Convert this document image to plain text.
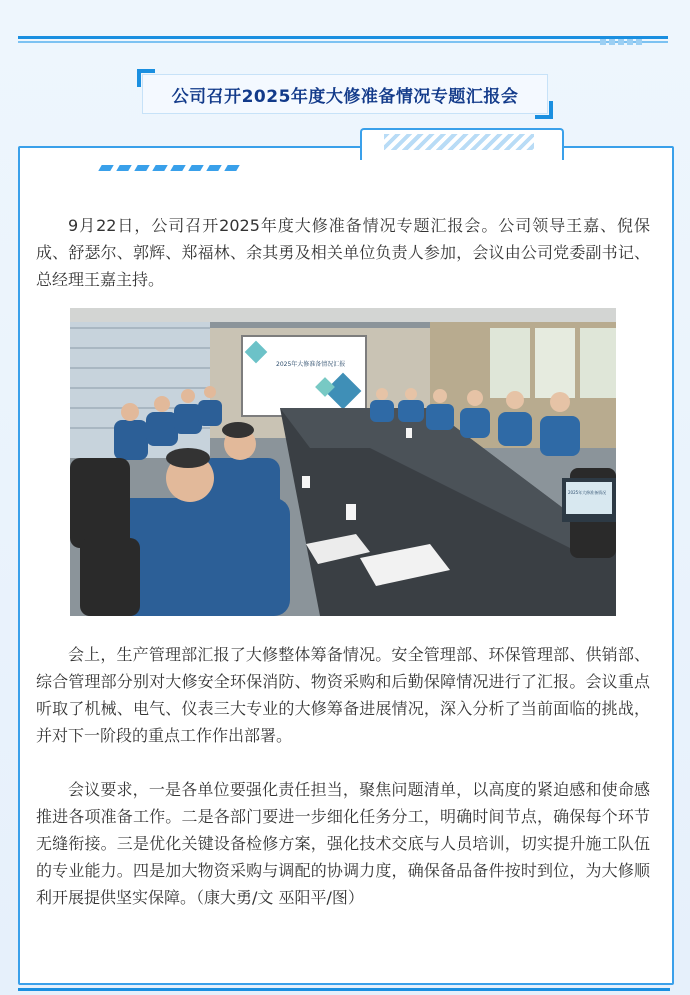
公司召开2025年度大修准备情况专题汇报会

9月22日，公司召开2025年度大修准备情况专题汇报会。公司领导王嘉、倪保成、舒瑟尔、郭辉、郑福林、余其勇及相关单位负责人参加，会议由公司党委副书记、总经理王嘉主持。

2025年大修准备情况汇报
2025年大修准备情况

会上，生产管理部汇报了大修整体筹备情况。安全管理部、环保管理部、供销部、综合管理部分别对大修安全环保消防、物资采购和后勤保障情况进行了汇报。会议重点听取了机械、电气、仪表三大专业的大修筹备进展情况，深入分析了当前面临的挑战，并对下一阶段的重点工作作出部署。

会议要求，一是各单位要强化责任担当，聚焦问题清单，以高度的紧迫感和使命感推进各项准备工作。二是各部门要进一步细化任务分工，明确时间节点，确保每个环节无缝衔接。三是优化关键设备检修方案，强化技术交底与人员培训，切实提升施工队伍的专业能力。四是加大物资采购与调配的协调力度，确保备品备件按时到位，为大修顺利开展提供坚实保障。（康大勇/文 巫阳平/图）
